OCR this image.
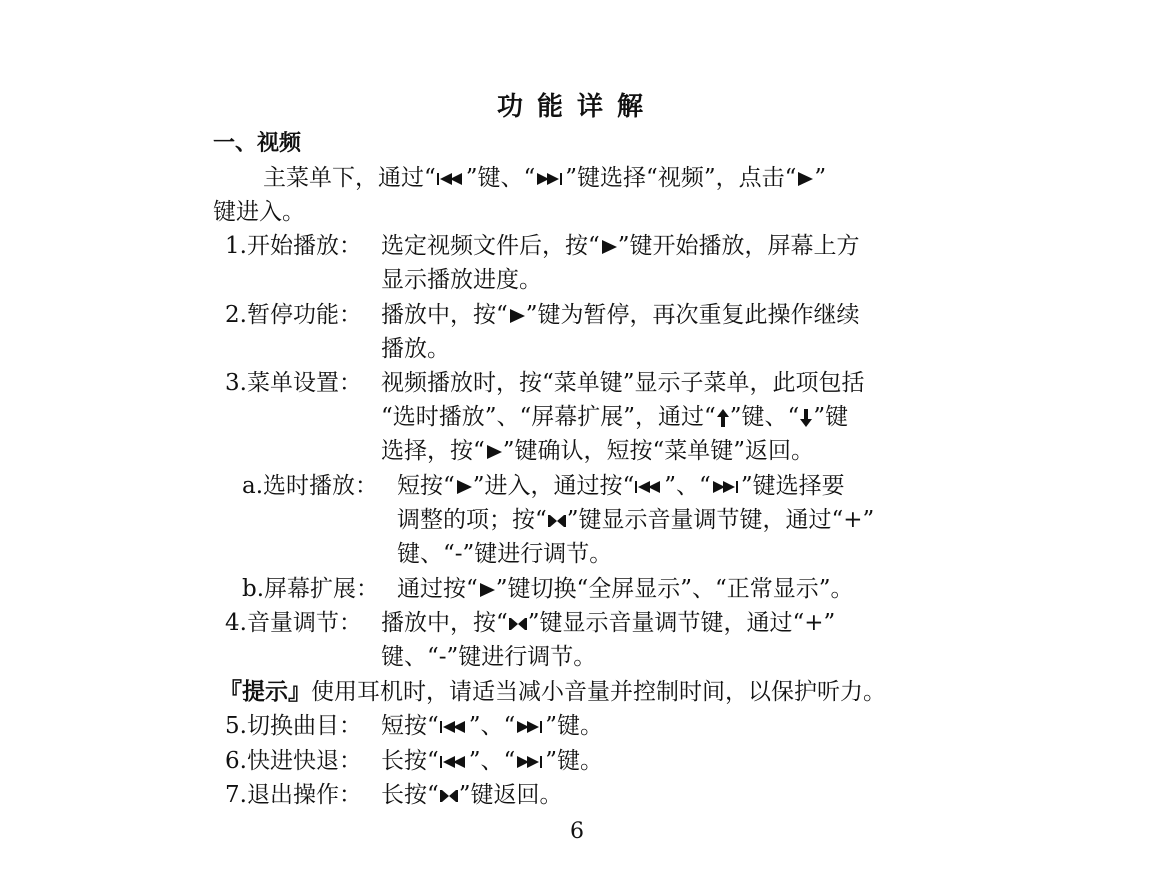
功能详解
一、视频
主菜单下，通过“ ”键、“ ”键选择“视频”，点击“ ”
键进入。
1.开始播放： 选定视频文件后，按“ ”键开始播放，屏幕上方
显示播放进度。
2.暂停功能： 播放中，按“ ”键为暂停，再次重复此操作继续
播放。
3.菜单设置： 视频播放时，按“菜单键”显示子菜单，此项包括
“选时播放”、“屏幕扩展”，通过“ ”键、“ ”键
选择，按“ ”键确认，短按“菜单键”返回。
a.选时播放： 短按“ ”进入，通过按“ ”、“ ”键选择要
调整的项；按“ ”键显示音量调节键，通过“+”
键、“-”键进行调节。
b.屏幕扩展： 通过按“ ”键切换“全屏显示”、“正常显示”。
4.音量调节： 播放中，按“ ”键显示音量调节键，通过“+”
键、“-”键进行调节。
『提示』使用耳机时，请适当减小音量并控制时间，以保护听力。
5.切换曲目： 短按“ ”、“ ”键。
6.快进快退： 长按“ ”、“ ”键。
7.退出操作： 长按“ ”键返回。
6
